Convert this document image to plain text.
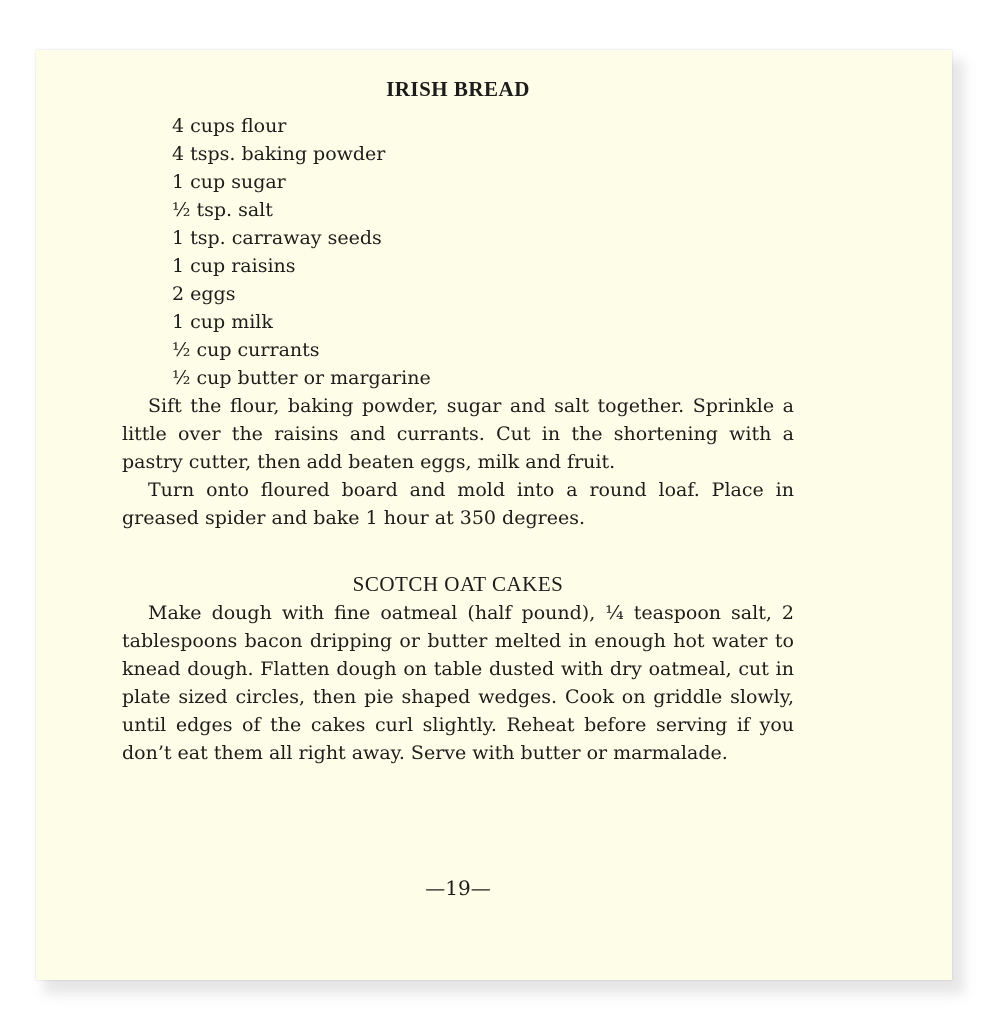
IRISH BREAD
4 cups flour
4 tsps. baking powder
1 cup sugar
½ tsp. salt
1 tsp. carraway seeds
1 cup raisins
2 eggs
1 cup milk
½ cup currants
½ cup butter or margarine

Sift the flour, baking powder, sugar and salt together. Sprinkle a little over the raisins and currants. Cut in the shortening with a pastry cutter, then add beaten eggs, milk and fruit.

Turn onto floured board and mold into a round loaf. Place in greased spider and bake 1 hour at 350 degrees.

SCOTCH OAT CAKES

Make dough with fine oatmeal (half pound), ¼ teaspoon salt, 2 tablespoons bacon dripping or butter melted in enough hot water to knead dough. Flatten dough on table dusted with dry oatmeal, cut in plate sized circles, then pie shaped wedges. Cook on griddle slowly, until edges of the cakes curl slightly. Reheat before serving if you don’t eat them all right away. Serve with butter or marmalade.

—19—
